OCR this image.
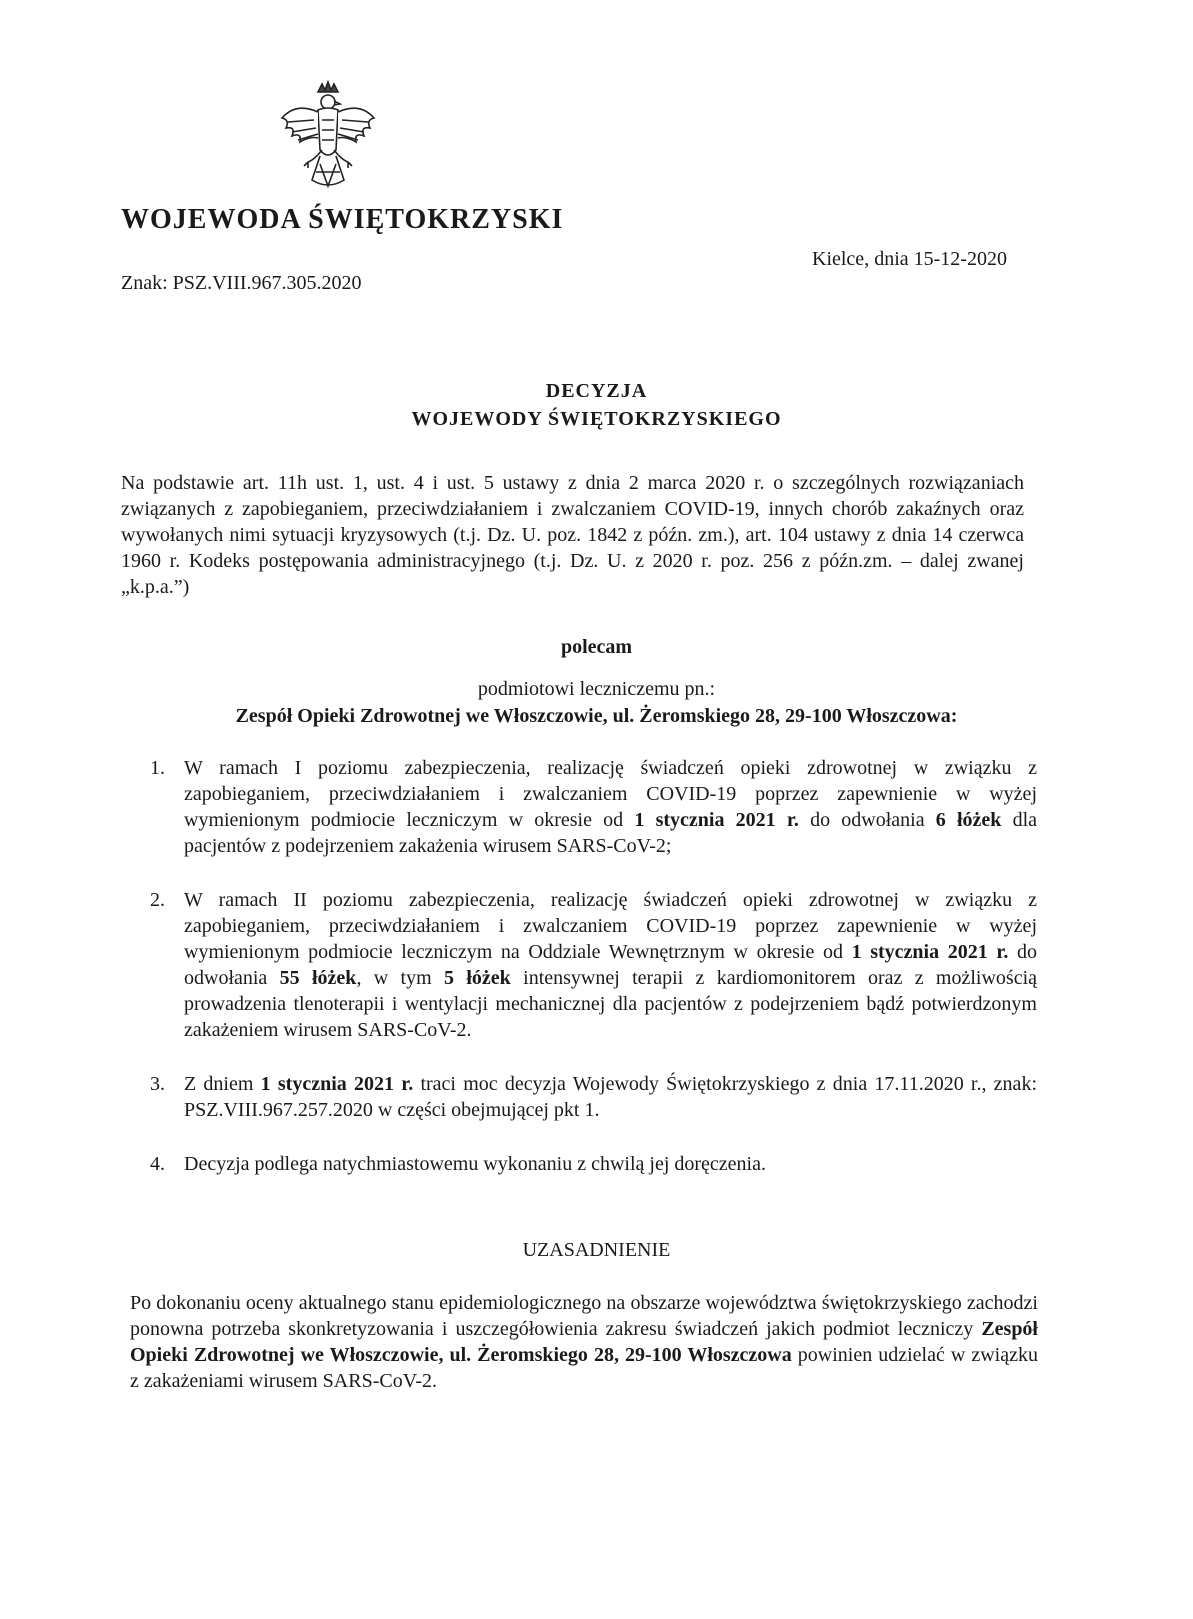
WOJEWODA ŚWIĘTOKRZYSKI
Kielce, dnia 15-12-2020
Znak: PSZ.VIII.967.305.2020
DECYZJA
WOJEWODY ŚWIĘTOKRZYSKIEGO
Na podstawie art. 11h ust. 1, ust. 4 i ust. 5 ustawy z dnia 2 marca 2020 r. o szczególnych rozwiązaniach związanych z zapobieganiem, przeciwdziałaniem i zwalczaniem COVID-19, innych chorób zakaźnych oraz wywołanych nimi sytuacji kryzysowych (t.j. Dz. U. poz. 1842 z późn. zm.), art. 104 ustawy z dnia 14 czerwca 1960 r. Kodeks postępowania administracyjnego (t.j. Dz. U. z 2020 r. poz. 256 z późn.zm. – dalej zwanej „k.p.a.”)
polecam
podmiotowi leczniczemu pn.:
Zespół Opieki Zdrowotnej we Włoszczowie, ul. Żeromskiego 28, 29-100 Włoszczowa:
1. W ramach I poziomu zabezpieczenia, realizację świadczeń opieki zdrowotnej w związku z zapobieganiem, przeciwdziałaniem i zwalczaniem COVID-19 poprzez zapewnienie w wyżej wymienionym podmiocie leczniczym w okresie od 1 stycznia 2021 r. do odwołania 6 łóżek dla pacjentów z podejrzeniem zakażenia wirusem SARS-CoV-2;
2. W ramach II poziomu zabezpieczenia, realizację świadczeń opieki zdrowotnej w związku z zapobieganiem, przeciwdziałaniem i zwalczaniem COVID-19 poprzez zapewnienie w wyżej wymienionym podmiocie leczniczym na Oddziale Wewnętrznym w okresie od 1 stycznia 2021 r. do odwołania 55 łóżek, w tym 5 łóżek intensywnej terapii z kardiomonitorem oraz z możliwością prowadzenia tlenoterapii i wentylacji mechanicznej dla pacjentów z podejrzeniem bądź potwierdzonym zakażeniem wirusem SARS-CoV-2.
3. Z dniem 1 stycznia 2021 r. traci moc decyzja Wojewody Świętokrzyskiego z dnia 17.11.2020 r., znak: PSZ.VIII.967.257.2020 w części obejmującej pkt 1.
4. Decyzja podlega natychmiastowemu wykonaniu z chwilą jej doręczenia.
UZASADNIENIE
Po dokonaniu oceny aktualnego stanu epidemiologicznego na obszarze województwa świętokrzyskiego zachodzi ponowna potrzeba skonkretyzowania i uszczegółowienia zakresu świadczeń jakich podmiot leczniczy Zespół Opieki Zdrowotnej we Włoszczowie, ul. Żeromskiego 28, 29-100 Włoszczowa powinien udzielać w związku z zakażeniami wirusem SARS-CoV-2.
